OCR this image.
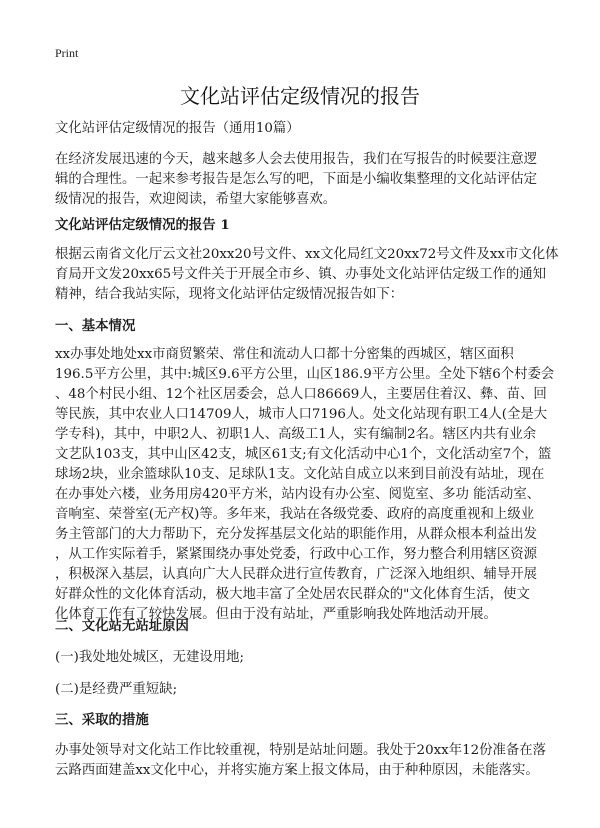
Print
文化站评估定级情况的报告
文化站评估定级情况的报告（通用10篇）
在经济发展迅速的今天，越来越多人会去使用报告，我们在写报告的时候要注意逻
辑的合理性。一起来参考报告是怎么写的吧，下面是小编收集整理的文化站评估定
级情况的报告，欢迎阅读，希望大家能够喜欢。
文化站评估定级情况的报告 1
根据云南省文化厅云文社20xx20号文件、xx文化局红文20xx72号文件及xx市文化体
育局开文发20xx65号文件关于开展全市乡、镇、办事处文化站评估定级工作的通知
精神，结合我站实际，现将文化站评估定级情况报告如下：
一、基本情况
xx办事处地处xx市商贸繁荣、常住和流动人口都十分密集的西城区，辖区面积
196.5平方公里，其中:城区9.6平方公里，山区186.9平方公里。全处下辖6个村委会
、48个村民小组、12个社区居委会，总人口86669人，主要居住着汉、彝、苗、回
等民族，其中农业人口14709人，城市人口7196人。处文化站现有职工4人(全是大
学专科)，其中，中职2人、初职1人、高级工1人，实有编制2名。辖区内共有业余
文艺队103支，其中山区42支，城区61支;有文化活动中心1个，文化活动室7个，篮
球场2块，业余篮球队10支、足球队1支。文化站自成立以来到目前没有站址，现在
在办事处六楼，业务用房420平方米，站内设有办公室、阅览室、多功 能活动室、
音响室、荣誉室(无产权)等。多年来，我站在各级党委、政府的高度重视和上级业
务主管部门的大力帮助下，充分发挥基层文化站的职能作用，从群众根本利益出发
，从工作实际着手，紧紧围绕办事处党委，行政中心工作，努力整合利用辖区资源
，积极深入基层，认真向广大人民群众进行宣传教育，广泛深入地组织、辅导开展
好群众性的文化体育活动，极大地丰富了全处居农民群众的"文化体育生活，使文
化体育工作有了较快发展。但由于没有站址，严重影响我处阵地活动开展。
二、文化站无站址原因
(一)我处地处城区，无建设用地;
(二)是经费严重短缺;
三、采取的措施
办事处领导对文化站工作比较重视，特别是站址问题。我处于20xx年12份准备在落
云路西面建盖xx文化中心，并将实施方案上报文体局，由于种种原因，未能落实。
